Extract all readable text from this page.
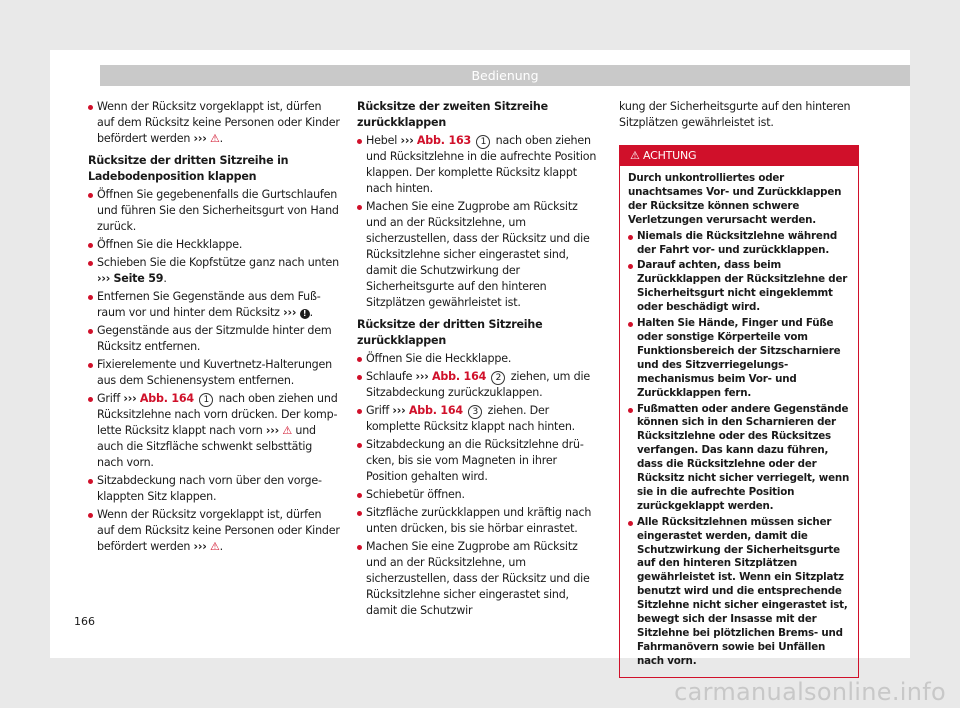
Bedienung
Wenn der Rücksitz vorgeklappt ist, dürfen auf dem Rücksitz keine Personen oder Kinder befördert werden ››› ⚠.
Rücksitze der dritten Sitzreihe in Ladebodenposition klappen
Öffnen Sie gegebenenfalls die Gurtschlaufen und führen Sie den Sicherheitsgurt von Hand zurück.
Öffnen Sie die Heckklappe.
Schieben Sie die Kopfstütze ganz nach unten ››› Seite 59.
Entfernen Sie Gegenstände aus dem Fußraum vor und hinter dem Rücksitz ››› ! .
Gegenstände aus der Sitzmulde hinter dem Rücksitz entfernen.
Fixierelemente und Kuvertnetz-Halterungen aus dem Schienensystem entfernen.
Griff ››› Abb. 164 1 nach oben ziehen und Rücksitzlehne nach vorn drücken. Der komplette Rücksitz klappt nach vorn ››› ⚠ und auch die Sitzfläche schwenkt selbsttätig nach vorn.
Sitzabdeckung nach vorn über den vorgeklappten Sitz klappen.
Wenn der Rücksitz vorgeklappt ist, dürfen auf dem Rücksitz keine Personen oder Kinder befördert werden ››› ⚠.
Rücksitze der zweiten Sitzreihe zurückklappen
Hebel ››› Abb. 163 1 nach oben ziehen und Rücksitzlehne in die aufrechte Position klappen. Der komplette Rücksitz klappt nach hinten.
Machen Sie eine Zugprobe am Rücksitz und an der Rücksitzlehne, um sicherzustellen, dass der Rücksitz und die Rücksitzlehne sicher eingerastet sind, damit die Schutzwirkung der Sicherheitsgurte auf den hinteren Sitzplätzen gewährleistet ist.
Rücksitze der dritten Sitzreihe zurückklappen
Öffnen Sie die Heckklappe.
Schlaufe ››› Abb. 164 2 ziehen, um die Sitzabdeckung zurückzuklappen.
Griff ››› Abb. 164 3 ziehen. Der komplette Rücksitz klappt nach hinten.
Sitzabdeckung an die Rücksitzlehne drücken, bis sie vom Magneten in ihrer Position gehalten wird.
Schiebetür öffnen.
Sitzfläche zurückklappen und kräftig nach unten drücken, bis sie hörbar einrastet.
Machen Sie eine Zugprobe am Rücksitz und an der Rücksitzlehne, um sicherzustellen, dass der Rücksitz und die Rücksitzlehne sicher eingerastet sind, damit die Schutzwir
kung der Sicherheitsgurte auf den hinteren Sitzplätzen gewährleistet ist.
⚠ ACHTUNG
Durch unkontrolliertes oder unachtsames Vor- und Zurückklappen der Rücksitze können schwere Verletzungen verursacht werden.
Niemals die Rücksitzlehne während der Fahrt vor- und zurückklappen.
Darauf achten, dass beim Zurückklappen der Rücksitzlehne der Sicherheitsgurt nicht eingeklemmt oder beschädigt wird.
Halten Sie Hände, Finger und Füße oder sonstige Körperteile vom Funktionsbereich der Sitzscharniere und des Sitzverriegelungsmechanismus beim Vor- und Zurückklappen fern.
Fußmatten oder andere Gegenstände können sich in den Scharnieren der Rücksitzlehne oder des Rücksitzes verfangen. Das kann dazu führen, dass die Rücksitzlehne oder der Rücksitz nicht sicher verriegelt, wenn sie in die aufrechte Position zurückgeklappt werden.
Alle Rücksitzlehnen müssen sicher eingerastet werden, damit die Schutzwirkung der Sicherheitsgurte auf den hinteren Sitzplätzen gewährleistet ist. Wenn ein Sitzplatz benutzt wird und die entsprechende Sitzlehne nicht sicher eingerastet ist, bewegt sich der Insasse mit der Sitzlehne bei plötzlichen Brems- und Fahrmanövern sowie bei Unfällen nach vorn.
166
carmanualsonline.info
